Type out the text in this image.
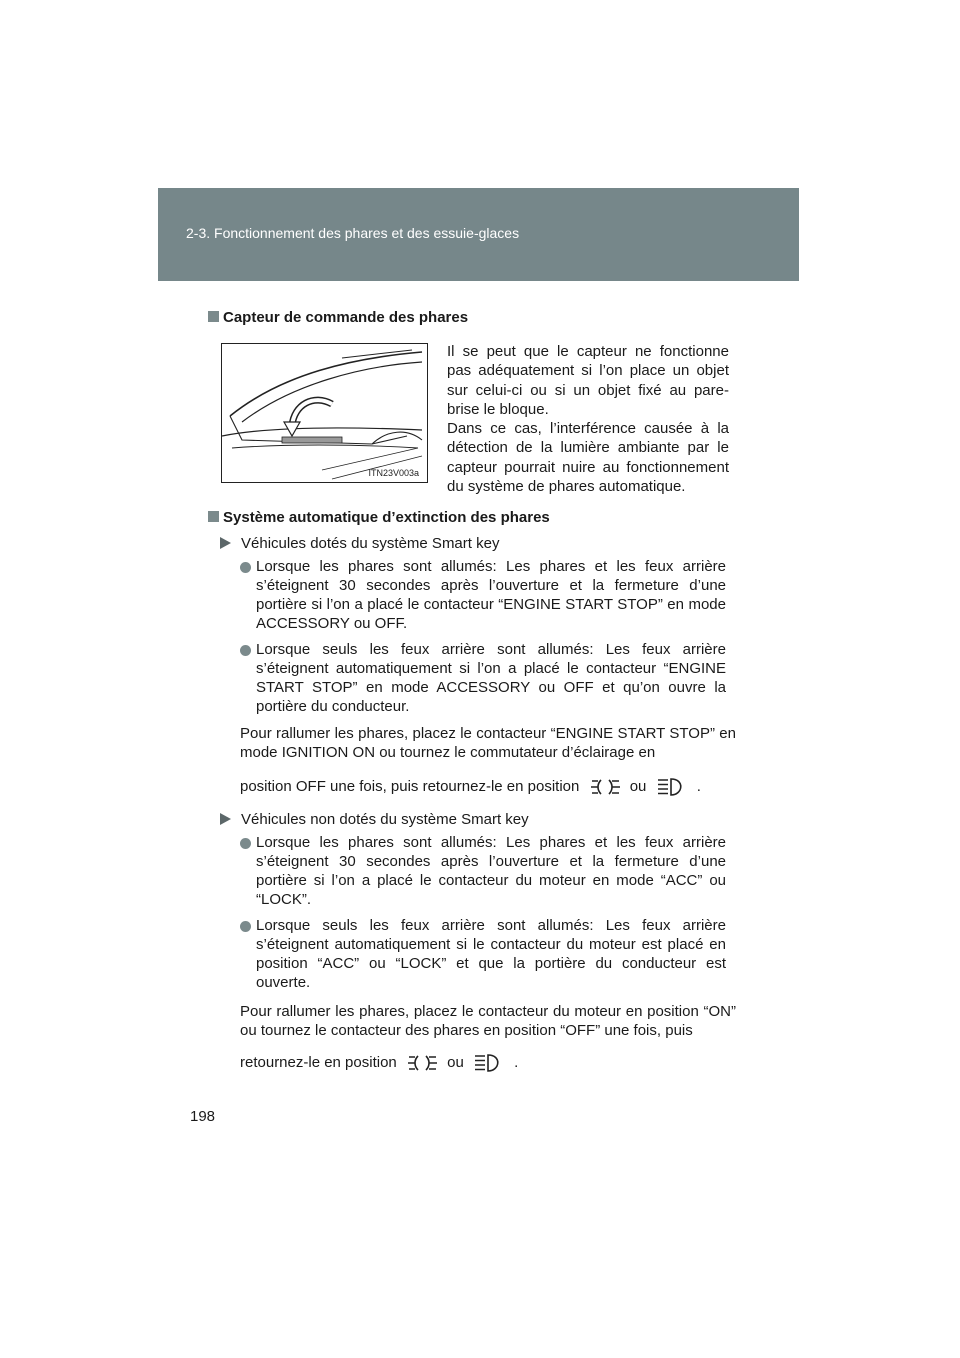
2-3. Fonctionnement des phares et des essuie-glaces
Capteur de commande des phares
ITN23V003a
Il se peut que le capteur ne fonctionne pas adéquatement si l’on place un objet sur celui-ci ou si un objet fixé au pare-brise le bloque.
Dans ce cas, l’interférence causée à la détection de la lumière ambiante par le capteur pourrait nuire au fonctionnement du système de phares automatique.
Système automatique d’extinction des phares
Véhicules dotés du système Smart key
Lorsque les phares sont allumés: Les phares et les feux arrière s’éteignent 30 secondes après l’ouverture et la fermeture d’une portière si l’on a placé le contacteur “ENGINE START STOP” en mode ACCESSORY ou OFF.
Lorsque seuls les feux arrière sont allumés: Les feux arrière s’éteignent automatiquement si l’on a placé le contacteur “ENGINE START STOP” en mode ACCESSORY ou OFF et qu’on ouvre la portière du conducteur.
Pour rallumer les phares, placez le contacteur “ENGINE START STOP” en mode IGNITION ON ou tournez le commutateur d’éclairage en
position OFF une fois, puis retournez-le en position	ou	.
Véhicules non dotés du système Smart key
Lorsque les phares sont allumés: Les phares et les feux arrière s’éteignent 30 secondes après l’ouverture et la fermeture d’une portière si l’on a placé le contacteur du moteur en mode “ACC” ou “LOCK”.
Lorsque seuls les feux arrière sont allumés: Les feux arrière s’éteignent automatiquement si le contacteur du moteur est placé en position “ACC” ou “LOCK” et que la portière du conducteur est ouverte.
Pour rallumer les phares, placez le contacteur du moteur en position “ON” ou tournez le contacteur des phares en position “OFF” une fois, puis
retournez-le en position	ou	.
198
